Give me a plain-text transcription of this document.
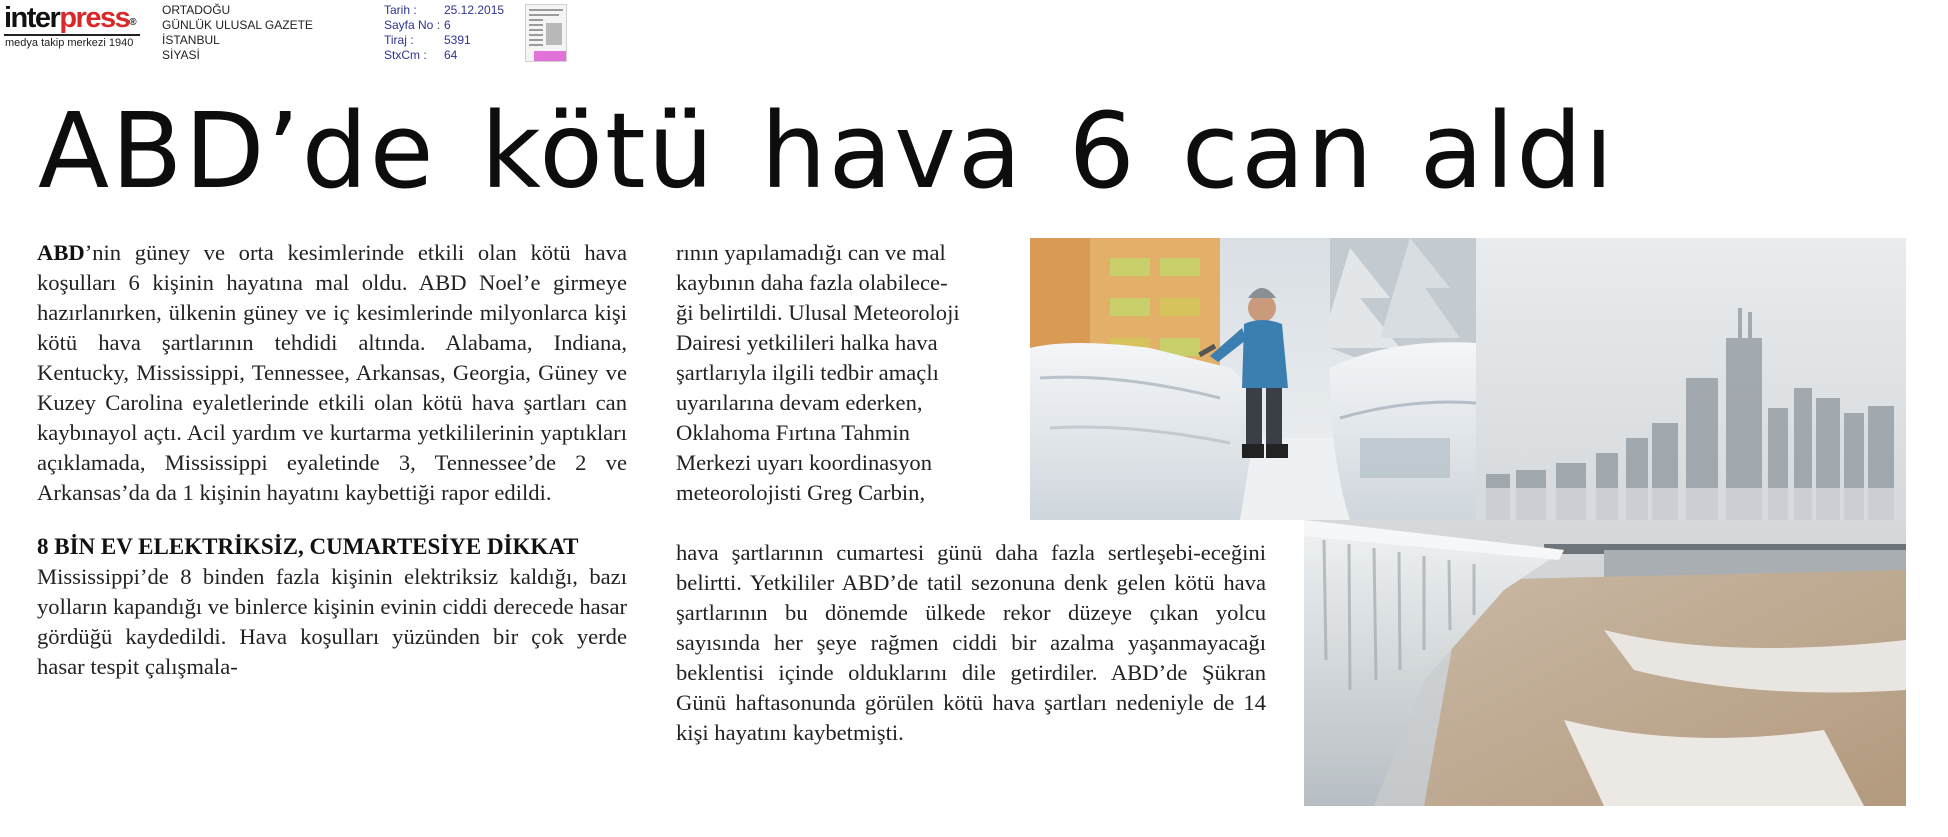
interpress®
medya takip merkezi 1940
ORTADOĞU
GÜNLÜK ULUSAL GAZETE
İSTANBUL
SİYASİ
Tarih : 25.12.2015
Sayfa No : 6
Tiraj :	5391
StxCm : 64
ABD’de kötü hava 6 can aldı

ABD’nin güney ve orta kesimlerinde etkili olan kötü hava koşulları 6 kişinin hayatına mal oldu. ABD Noel’e girmeye hazırlanırken, ülkenin güney ve iç kesimlerinde milyonlarca kişi kötü hava şartlarının tehdidi altında. Alabama, Indiana, Kentucky, Mississippi, Tennessee, Arkansas, Georgia, Güney ve Kuzey Carolina eyaletlerinde etkili olan kötü hava şartları can kaybınayol açtı. Acil yardım ve kurtarma yetkililerinin yaptıkları açıklamada, Mississippi eyaletinde 3, Tennessee’de 2 ve Arkansas’da da 1 kişinin hayatını kaybettiği rapor edildi.

8 BİN EV ELEKTRİKSİZ, CUMARTESİYE DİKKAT

Mississippi’de 8 binden fazla kişinin elektriksiz kaldığı, bazı yolların kapandığı ve binlerce kişinin evinin ciddi derecede hasar gördüğü kaydedildi. Hava koşulları yüzünden bir çok yerde hasar tespit çalışmala-

rının yapılamadığı can ve mal

kaybının daha fazla olabilece-

ği belirtildi. Ulusal Meteoroloji

Dairesi yetkilileri halka hava

şartlarıyla ilgili tedbir amaçlı

uyarılarına devam ederken,

Oklahoma Fırtına Tahmin

Merkezi uyarı koordinasyon

meteorolojisti Greg Carbin,

hava şartlarının cumartesi günü daha fazla sertleşebi-eceğini belirtti. Yetkililer ABD’de tatil sezonuna denk gelen kötü hava şartlarının bu dönemde ülkede rekor düzeye çıkan yolcu sayısında her şeye rağmen ciddi bir azalma yaşanmayacağı beklentisi içinde olduklarını dile getirdiler. ABD’de Şükran Günü haftasonunda görülen kötü hava şartları nedeniyle de 14 kişi hayatını kaybetmişti.
